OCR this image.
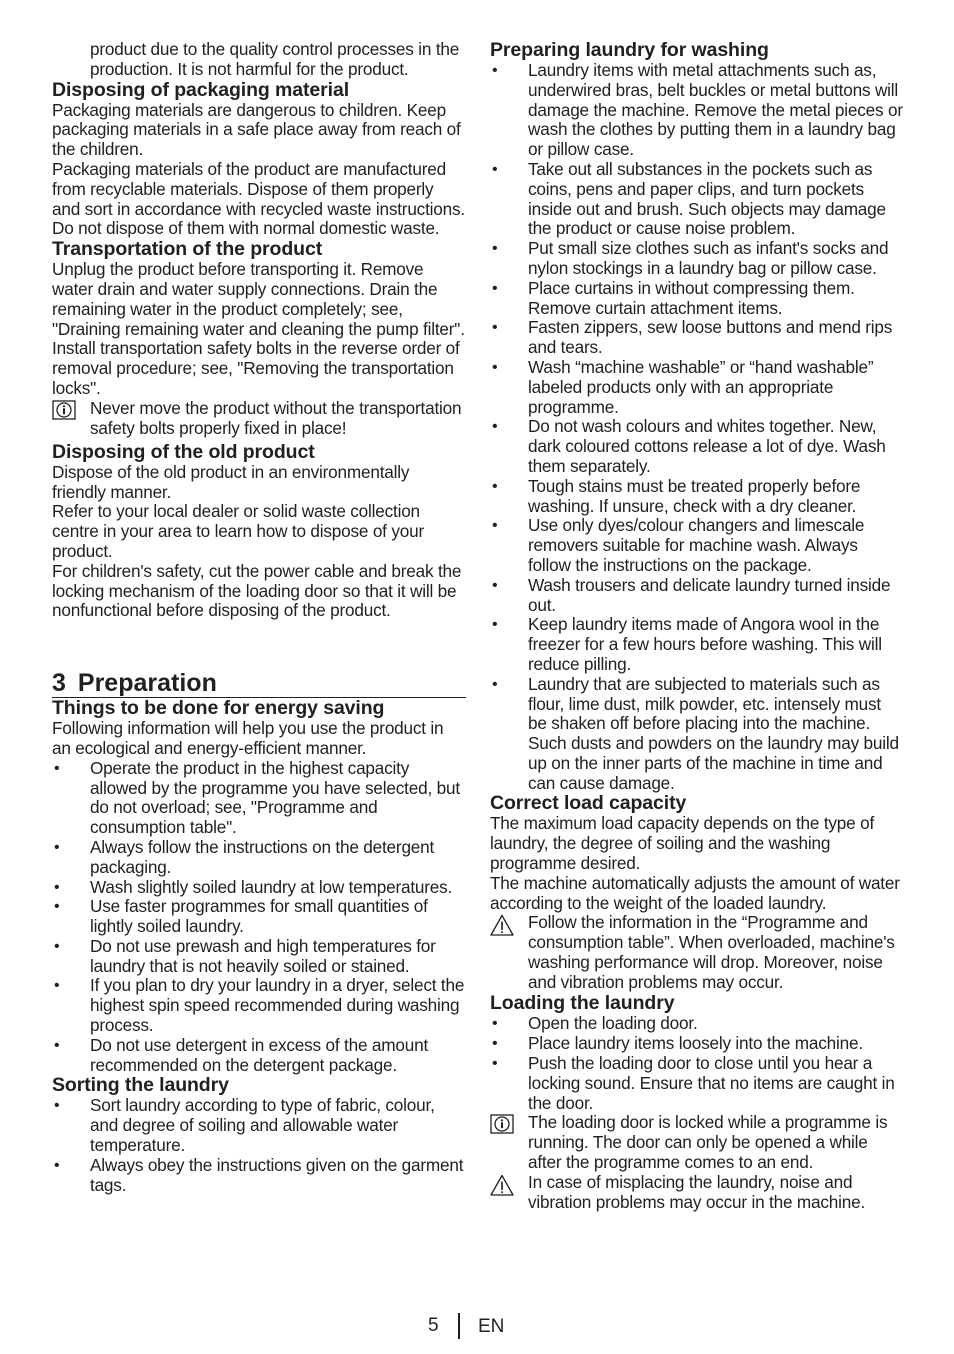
product due to the quality control processes in the production. It is not harmful for the product.

Disposing of packaging material

Packaging materials are dangerous to children. Keep packaging materials in a safe place away from reach of the children.

Packaging materials of the product are manufactured from recyclable materials. Dispose of them properly and sort in accordance with recycled waste instructions. Do not dispose of them with normal domestic waste.

Transportation of the product

Unplug the product before transporting it. Remove water drain and water supply connections. Drain the remaining water in the product completely; see, "Draining remaining water and cleaning the pump filter". Install transportation safety bolts in the reverse order of removal procedure; see, "Removing the transportation locks".

Never move the product without the transportation safety bolts properly fixed in place!
Disposing of the old product

Dispose of the old product in an environmentally friendly manner.

Refer to your local dealer or solid waste collection centre in your area to learn how to dispose of your product.

For children's safety, cut the power cable and break the locking mechanism of the loading door so that it will be nonfunctional before disposing of the product.

3 Preparation
Things to be done for energy saving

Following information will help you use the product in an ecological and energy-efficient manner.

• Operate the product in the highest capacity allowed by the programme you have selected, but do not overload; see, "Programme and consumption table".
• Always follow the instructions on the detergent packaging.
• Wash slightly soiled laundry at low temperatures.
• Use faster programmes for small quantities of lightly soiled laundry.
• Do not use prewash and high temperatures for laundry that is not heavily soiled or stained.
• If you plan to dry your laundry in a dryer, select the highest spin speed recommended during washing process.
• Do not use detergent in excess of the amount recommended on the detergent package.
Sorting the laundry
• Sort laundry according to type of fabric, colour, and degree of soiling and allowable water temperature.
• Always obey the instructions given on the garment tags.
Preparing laundry for washing
• Laundry items with metal attachments such as, underwired bras, belt buckles or metal buttons will damage the machine. Remove the metal pieces or wash the clothes by putting them in a laundry bag or pillow case.
• Take out all substances in the pockets such as coins, pens and paper clips, and turn pockets inside out and brush. Such objects may damage the product or cause noise problem.
• Put small size clothes such as infant's socks and nylon stockings in a laundry bag or pillow case.
• Place curtains in without compressing them. Remove curtain attachment items.
• Fasten zippers, sew loose buttons and mend rips and tears.
• Wash “machine washable” or “hand washable” labeled products only with an appropriate programme.
• Do not wash colours and whites together. New, dark coloured cottons release a lot of dye. Wash them separately.
• Tough stains must be treated properly before washing. If unsure, check with a dry cleaner.
• Use only dyes/colour changers and limescale removers suitable for machine wash. Always follow the instructions on the package.
• Wash trousers and delicate laundry turned inside out.
• Keep laundry items made of Angora wool in the freezer for a few hours before washing. This will reduce pilling.
• Laundry that are subjected to materials such as flour, lime dust, milk powder, etc. intensely must be shaken off before placing into the machine. Such dusts and powders on the laundry may build up on the inner parts of the machine in time and can cause damage.
Correct load capacity

The maximum load capacity depends on the type of laundry, the degree of soiling and the washing programme desired.

The machine automatically adjusts the amount of water according to the weight of the loaded laundry.

Follow the information in the “Programme and consumption table”. When overloaded, machine's washing performance will drop. Moreover, noise and vibration problems may occur.
Loading the laundry
• Open the loading door.
• Place laundry items loosely into the machine.
• Push the loading door to close until you hear a locking sound. Ensure that no items are caught in the door.
The loading door is locked while a programme is running. The door can only be opened a while after the programme comes to an end.
In case of misplacing the laundry, noise and vibration problems may occur in the machine.
5 EN
